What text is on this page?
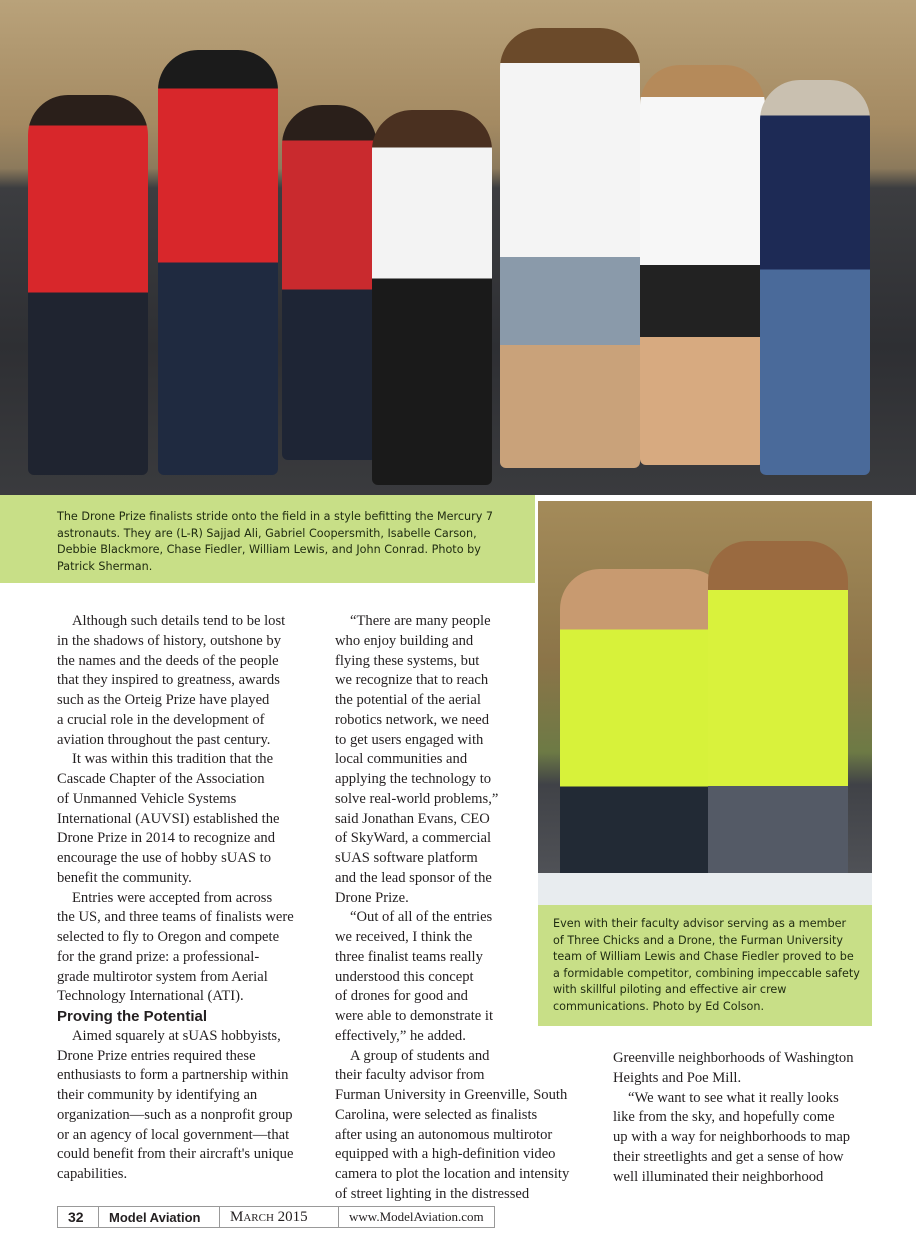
The Drone Prize finalists stride onto the field in a style befitting the Mercury 7 astronauts. They are (L-R) Sajjad Ali, Gabriel Coopersmith, Isabelle Carson, Debbie Blackmore, Chase Fiedler, William Lewis, and John Conrad. Photo by Patrick Sherman.

Even with their faculty advisor serving as a member of Three Chicks and a Drone, the Furman University team of William Lewis and Chase Fiedler proved to be a formidable competitor, combining impeccable safety with skillful piloting and effective air crew communications. Photo by Ed Colson.

Although such details tend to be lost
in the shadows of history, outshone by
the names and the deeds of the people
that they inspired to greatness, awards
such as the Orteig Prize have played
a crucial role in the development of
aviation throughout the past century.
It was within this tradition that the
Cascade Chapter of the Association
of Unmanned Vehicle Systems
International (AUVSI) established the
Drone Prize in 2014 to recognize and
encourage the use of hobby sUAS to
benefit the community.
Entries were accepted from across
the US, and three teams of finalists were
selected to fly to Oregon and compete
for the grand prize: a professional-
grade multirotor system from Aerial
Technology International (ATI).
Proving the Potential
Aimed squarely at sUAS hobbyists,
Drone Prize entries required these
enthusiasts to form a partnership within
their community by identifying an
organization—such as a nonprofit group
or an agency of local government—that
could benefit from their aircraft's unique
capabilities.
“There are many people
who enjoy building and
flying these systems, but
we recognize that to reach
the potential of the aerial
robotics network, we need
to get users engaged with
local communities and
applying the technology to
solve real-world problems,”
said Jonathan Evans, CEO
of SkyWard, a commercial
sUAS software platform
and the lead sponsor of the
Drone Prize.
“Out of all of the entries
we received, I think the
three finalist teams really
understood this concept
of drones for good and
were able to demonstrate it
effectively,” he added.
A group of students and
their faculty advisor from
Furman University in Greenville, South
Carolina, were selected as finalists
after using an autonomous multirotor
equipped with a high-definition video
camera to plot the location and intensity
of street lighting in the distressed
Greenville neighborhoods of Washington
Heights and Poe Mill.
“We want to see what it really looks
like from the sky, and hopefully come
up with a way for neighborhoods to map
their streetlights and get a sense of how
well illuminated their neighborhood
32	Model Aviation	March 2015	www.ModelAviation.com
